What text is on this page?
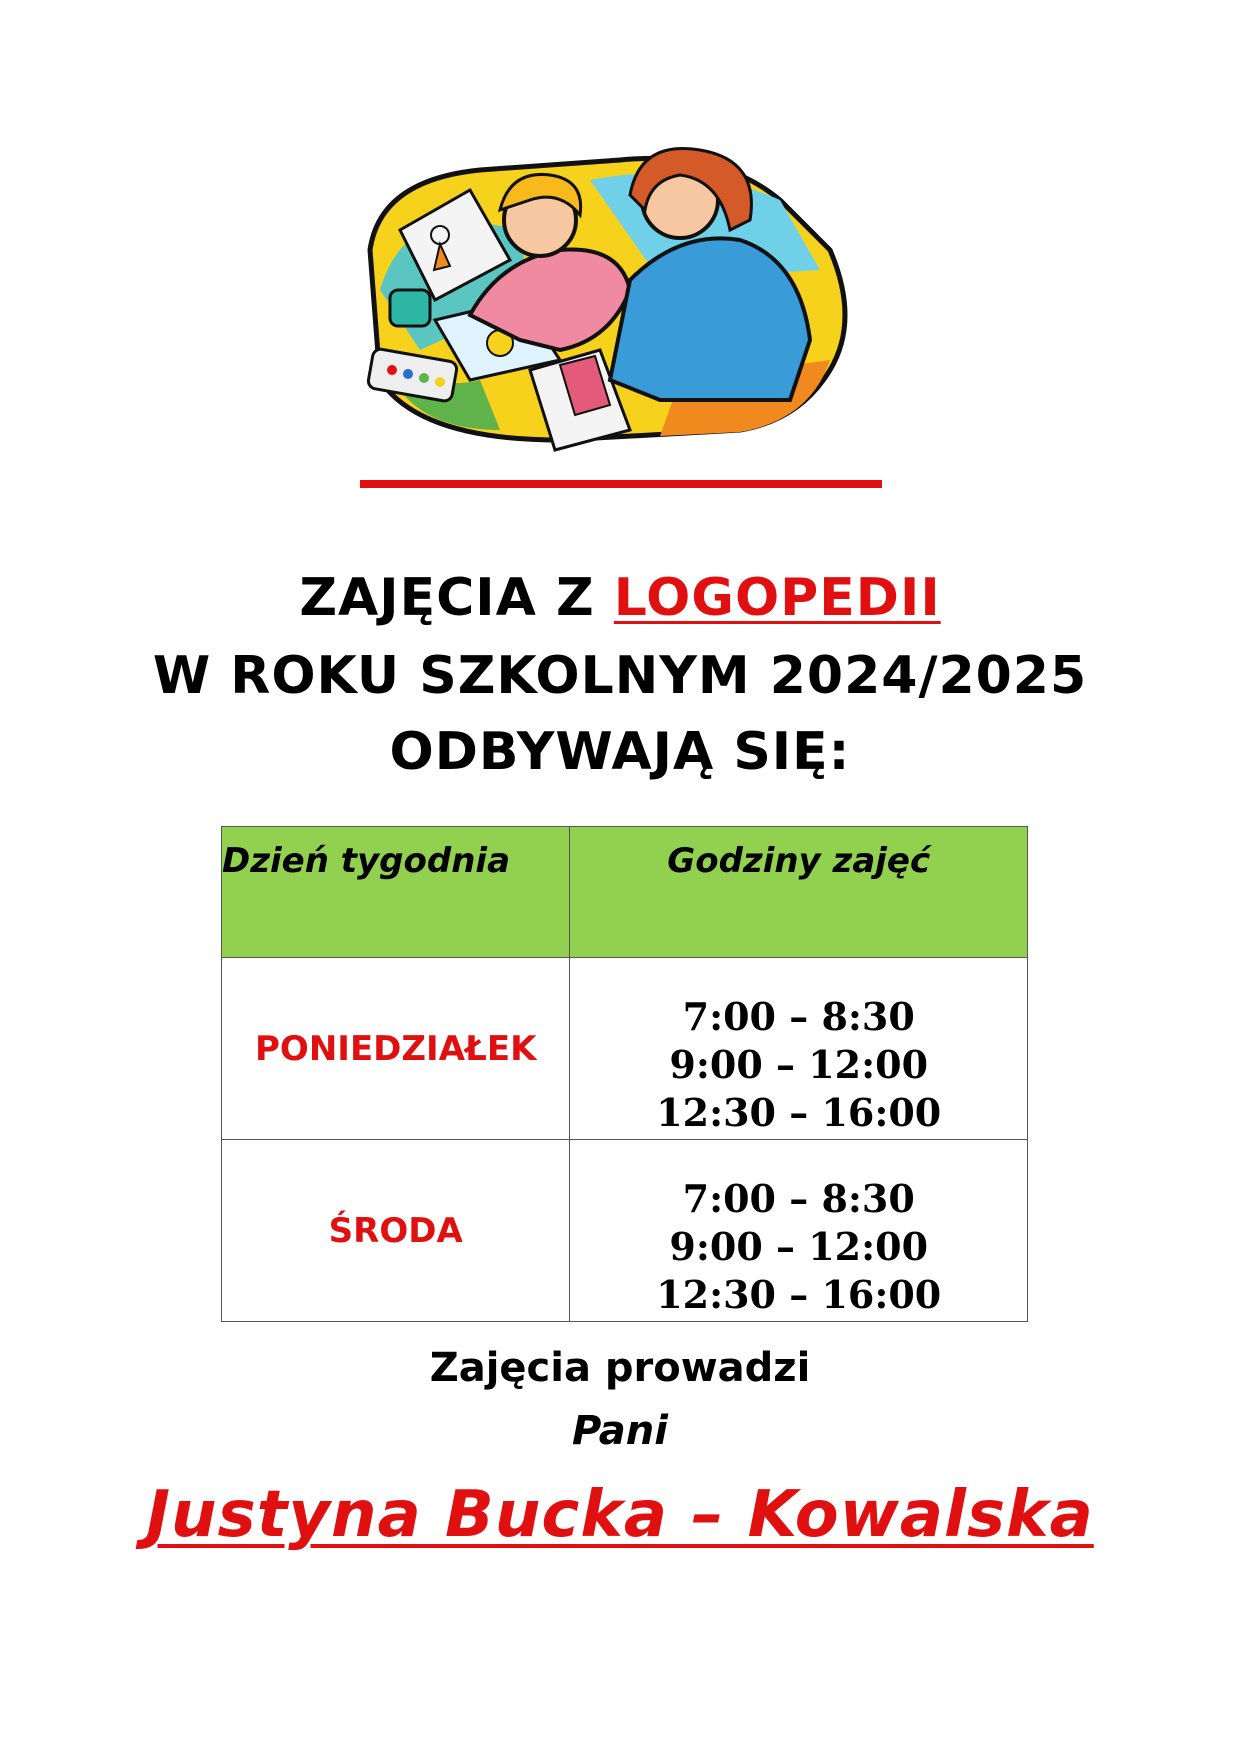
ZAJĘCIA Z LOGOPEDII
W ROKU SZKOLNYM 2024/2025
ODBYWAJĄ SIĘ:
Dzień tygodnia	Godziny zajęć
PONIEDZIAŁEK	7:00 – 8:30
9:00 – 12:00
12:30 – 16:00

ŚRODA	7:00 – 8:30
9:00 – 12:00
12:30 – 16:00
Zajęcia prowadzi
Pani
Justyna Bucka – Kowalska
